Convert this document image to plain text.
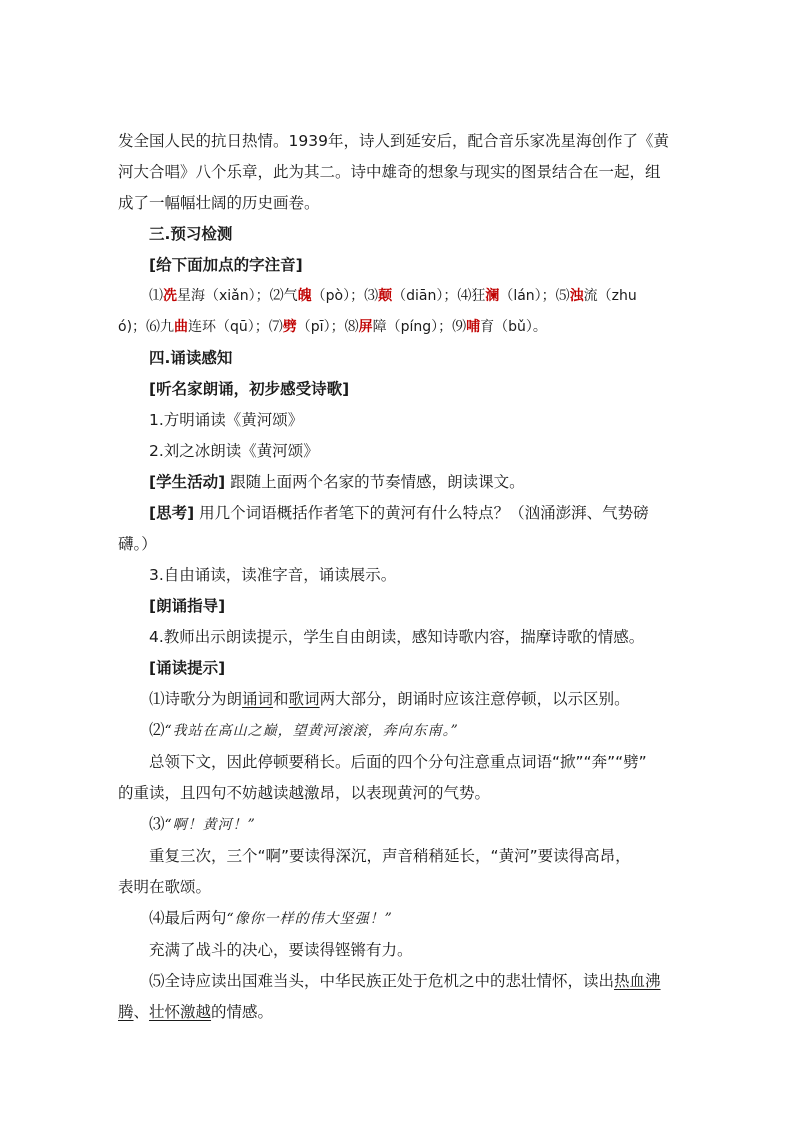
发全国人民的抗日热情。1939年，诗人到延安后，配合音乐家冼星海创作了《黄

河大合唱》八个乐章，此为其二。诗中雄奇的想象与现实的图景结合在一起，组

成了一幅幅壮阔的历史画卷。

三.预习检测

[给下面加点的字注音]

⑴冼星海（xiǎn）；⑵气魄（pò）；⑶颠（diān）；⑷狂澜（lán）；⑸浊流（zhu

ó)；⑹九曲连环（qū）；⑺劈（pī）；⑻屏障（píng）；⑼哺育（bǔ）。

四.诵读感知

[听名家朗诵，初步感受诗歌]

1.方明诵读《黄河颂》

2.刘之冰朗读《黄河颂》

[学生活动] 跟随上面两个名家的节奏情感，朗读课文。

[思考] 用几个词语概括作者笔下的黄河有什么特点？（汹涌澎湃、气势磅

礴。）

3.自由诵读，读准字音，诵读展示。

[朗诵指导]

4.教师出示朗读提示，学生自由朗读，感知诗歌内容，揣摩诗歌的情感。

[诵读提示]

⑴诗歌分为朗诵词和歌词两大部分，朗诵时应该注意停顿，以示区别。

⑵“我站在高山之巅，望黄河滚滚，奔向东南。”

总领下文，因此停顿要稍长。后面的四个分句注意重点词语“掀”“奔”“劈”

的重读，且四句不妨越读越激昂，以表现黄河的气势。

⑶“啊！黄河！”

重复三次，三个“啊”要读得深沉，声音稍稍延长，“黄河”要读得高昂，

表明在歌颂。

⑷最后两句“像你一样的伟大坚强！”

充满了战斗的决心，要读得铿锵有力。

⑸全诗应读出国难当头，中华民族正处于危机之中的悲壮情怀，读出热血沸

腾、壮怀激越的情感。
